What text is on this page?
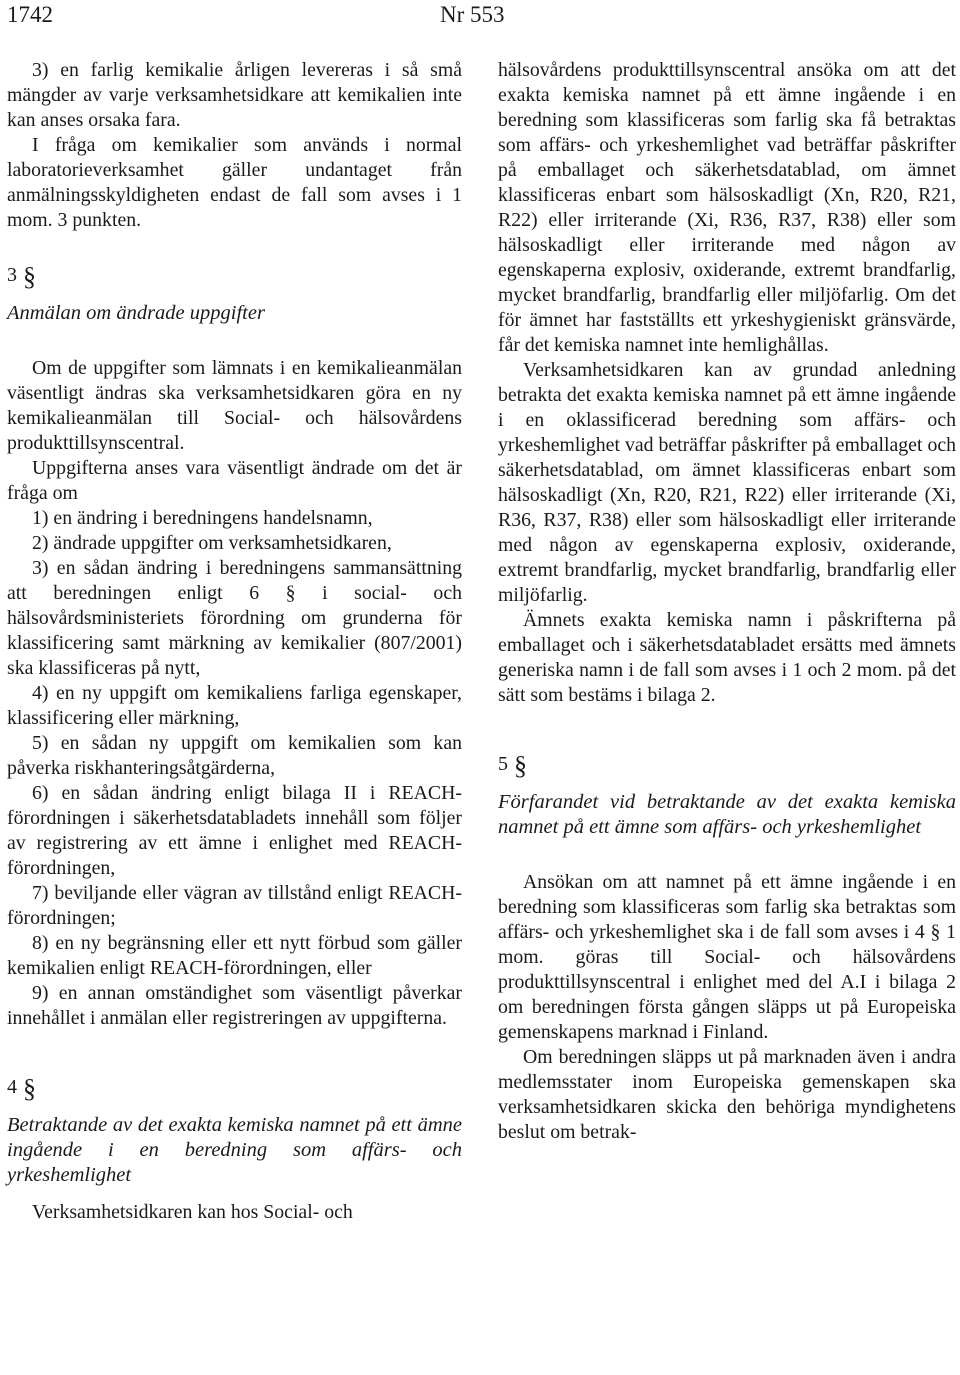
1742	Nr 553

3) en farlig kemikalie årligen levereras i så små mängder av varje verksamhetsidkare att kemikalien inte kan anses orsaka fara.

I fråga om kemikalier som används i normal laboratorieverksamhet gäller undantaget från anmälningsskyldigheten endast de fall som avses i 1 mom. 3 punkten.

3 §

Anmälan om ändrade uppgifter

Om de uppgifter som lämnats i en kemikalieanmälan väsentligt ändras ska verksamhetsidkaren göra en ny kemikalieanmälan till Social- och hälsovårdens produkttillsynscentral.

Uppgifterna anses vara väsentligt ändrade om det är fråga om

1) en ändring i beredningens handelsnamn,

2) ändrade uppgifter om verksamhetsidkaren,

3) en sådan ändring i beredningens sammansättning att beredningen enligt 6 § i social- och hälsovårdsministeriets förordning om grunderna för klassificering samt märkning av kemikalier (807/2001) ska klassificeras på nytt,

4) en ny uppgift om kemikaliens farliga egenskaper, klassificering eller märkning,

5) en sådan ny uppgift om kemikalien som kan påverka riskhanteringsåtgärderna,

6) en sådan ändring enligt bilaga II i REACH-förordningen i säkerhetsdatabladets innehåll som följer av registrering av ett ämne i enlighet med REACH-förordningen,

7) beviljande eller vägran av tillstånd enligt REACH-förordningen;

8) en ny begränsning eller ett nytt förbud som gäller kemikalien enligt REACH-förordningen, eller

9) en annan omständighet som väsentligt påverkar innehållet i anmälan eller registreringen av uppgifterna.

4 §

Betraktande av det exakta kemiska namnet på ett ämne ingående i en beredning som affärs- och yrkeshemlighet

Verksamhetsidkaren kan hos Social- och

hälsovårdens produkttillsynscentral ansöka om att det exakta kemiska namnet på ett ämne ingående i en beredning som klassificeras som farlig ska få betraktas som affärs- och yrkeshemlighet vad beträffar påskrifter på emballaget och säkerhetsdatablad, om ämnet klassificeras enbart som hälsoskadligt (Xn, R20, R21, R22) eller irriterande (Xi, R36, R37, R38) eller som hälsoskadligt eller irriterande med någon av egenskaperna explosiv, oxiderande, extremt brandfarlig, mycket brandfarlig, brandfarlig eller miljöfarlig. Om det för ämnet har fastställts ett yrkeshygieniskt gränsvärde, får det kemiska namnet inte hemlighållas.

Verksamhetsidkaren kan av grundad anledning betrakta det exakta kemiska namnet på ett ämne ingående i en oklassificerad beredning som affärs- och yrkeshemlighet vad beträffar påskrifter på emballaget och säkerhetsdatablad, om ämnet klassificeras enbart som hälsoskadligt (Xn, R20, R21, R22) eller irriterande (Xi, R36, R37, R38) eller som hälsoskadligt eller irriterande med någon av egenskaperna explosiv, oxiderande, extremt brandfarlig, mycket brandfarlig, brandfarlig eller miljöfarlig.

Ämnets exakta kemiska namn i påskrifterna på emballaget och i säkerhetsdatabladet ersätts med ämnets generiska namn i de fall som avses i 1 och 2 mom. på det sätt som bestäms i bilaga 2.

5 §

Förfarandet vid betraktande av det exakta kemiska namnet på ett ämne som affärs- och yrkeshemlighet

Ansökan om att namnet på ett ämne ingående i en beredning som klassificeras som farlig ska betraktas som affärs- och yrkeshemlighet ska i de fall som avses i 4 § 1 mom. göras till Social- och hälsovårdens produkttillsynscentral i enlighet med del A.I i bilaga 2 om beredningen första gången släpps ut på Europeiska gemenskapens marknad i Finland.

Om beredningen släpps ut på marknaden även i andra medlemsstater inom Europeiska gemenskapen ska verksamhetsidkaren skicka den behöriga myndighetens beslut om betrak-
